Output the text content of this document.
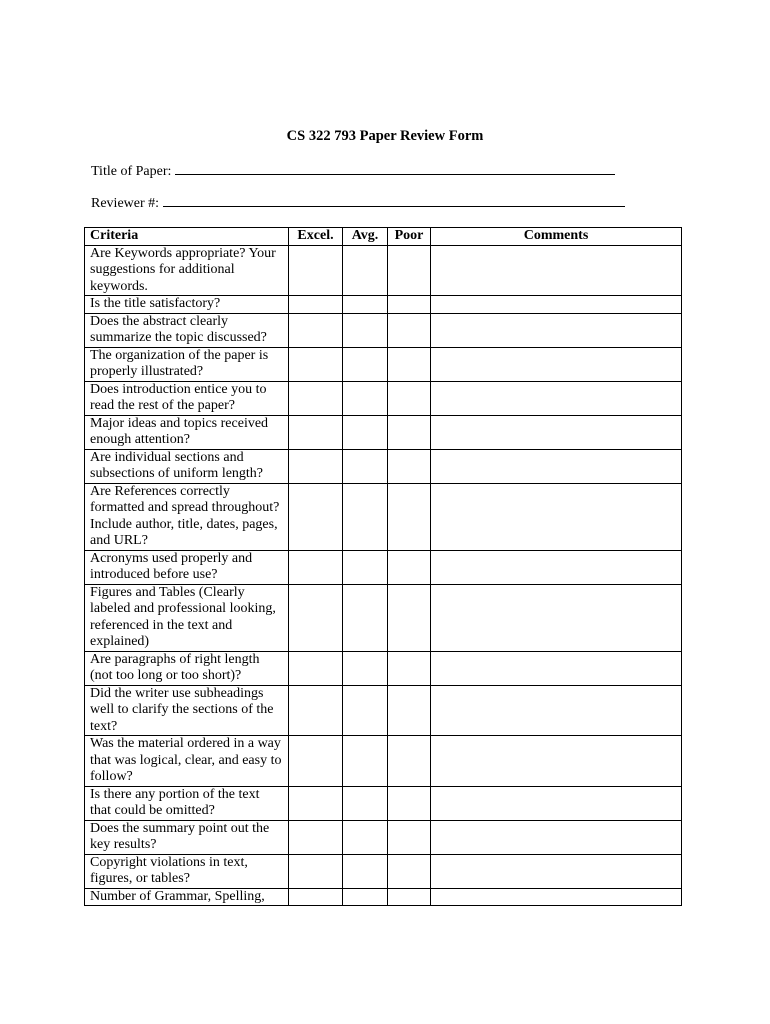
CS 322 793 Paper Review Form
Title of Paper:
Reviewer #:
Criteria	Excel.	Avg.	Poor	Comments
Are Keywords appropriate? Your suggestions for additional keywords.				
Is the title satisfactory?				
Does the abstract clearly summarize the topic discussed?				
The organization of the paper is properly illustrated?				
Does introduction entice you to read the rest of the paper?				
Major ideas and topics received enough attention?				
Are individual sections and subsections of uniform length?				
Are References correctly formatted and spread throughout? Include author, title, dates, pages, and URL?				
Acronyms used properly and introduced before use?				
Figures and Tables (Clearly labeled and professional looking, referenced in the text and explained)				
Are paragraphs of right length (not too long or too short)?				
Did the writer use subheadings well to clarify the sections of the text?				
Was the material ordered in a way that was logical, clear, and easy to follow?				
Is there any portion of the text that could be omitted?				
Does the summary point out the key results?				
Copyright violations in text, figures, or tables?				
Number of Grammar, Spelling,				
